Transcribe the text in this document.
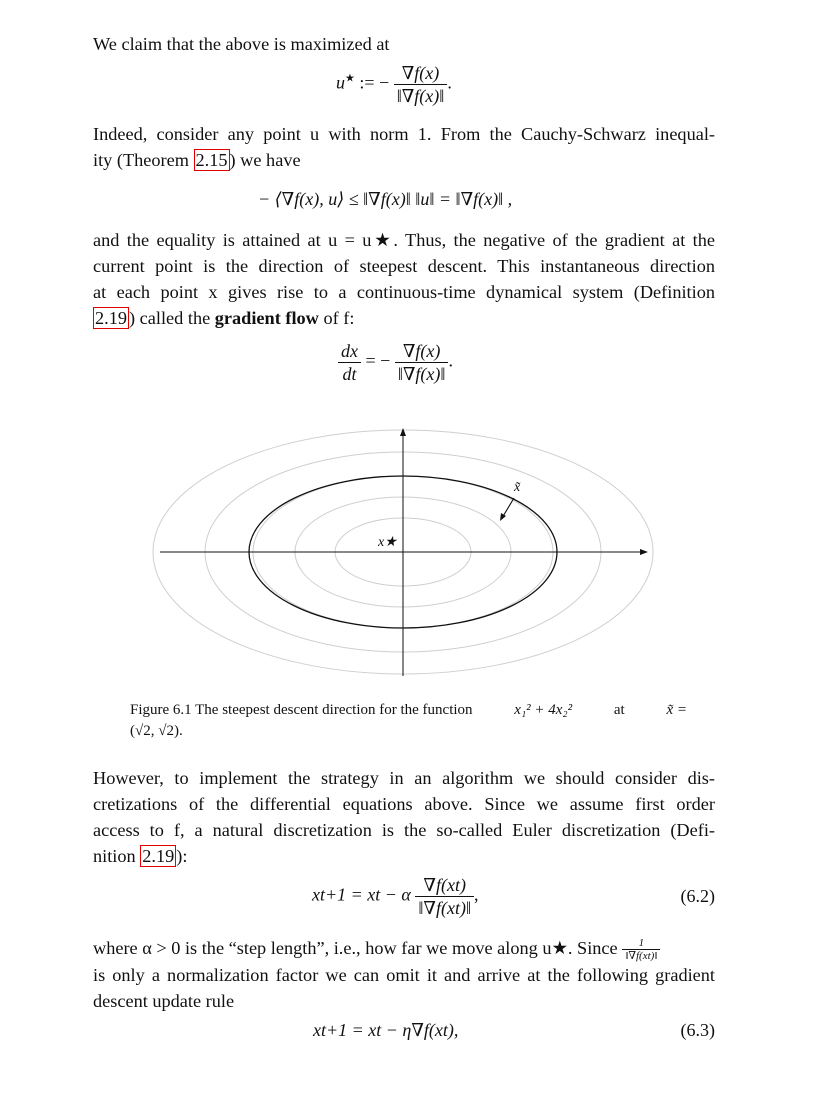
We claim that the above is maximized at
u★ := − $\frac{\nabla f(x)}{‖\nabla f(x)‖}$ .
Indeed, consider any point u with norm 1. From the Cauchy-Schwarz inequal-
ity (Theorem 2.15 ) we have
− ⟨∇f(x), u⟩ ≤ ‖∇f(x)‖ ‖u‖ = ‖∇f(x)‖ ,
and the equality is attained at u = u★. Thus, the negative of the gradient at the
current point is the direction of steepest descent. This instantaneous direction
at each point x gives rise to a continuous-time dynamical system (Definition
2.19 ) called the gradient flow of f:
$\frac{dx}{dt}$ = − $\frac{\nabla f(x)}{‖\nabla f(x)‖}$ .
x★
x̃
Figure 6.1 The steepest descent direction for the function	x₁² + 4x₂²	at	x̃ =
(√2, √2).
However, to implement the strategy in an algorithm we should consider dis-
cretizations of the differential equations above. Since we assume first order
access to f, a natural discretization is the so-called Euler discretization (Defi-
nition 2.19 ):
xt+1 = xt − α $\frac{\nabla f(xt)}{‖\nabla f(xt)‖}$ ,	(6.2)
where α > 0 is the “step length”, i.e., how far we move along u★. Since $\frac{1}{‖\nabla f(xt)‖}$
is only a normalization factor we can omit it and arrive at the following gradient
descent update rule
xt+1 = xt − η∇f(xt),	(6.3)
